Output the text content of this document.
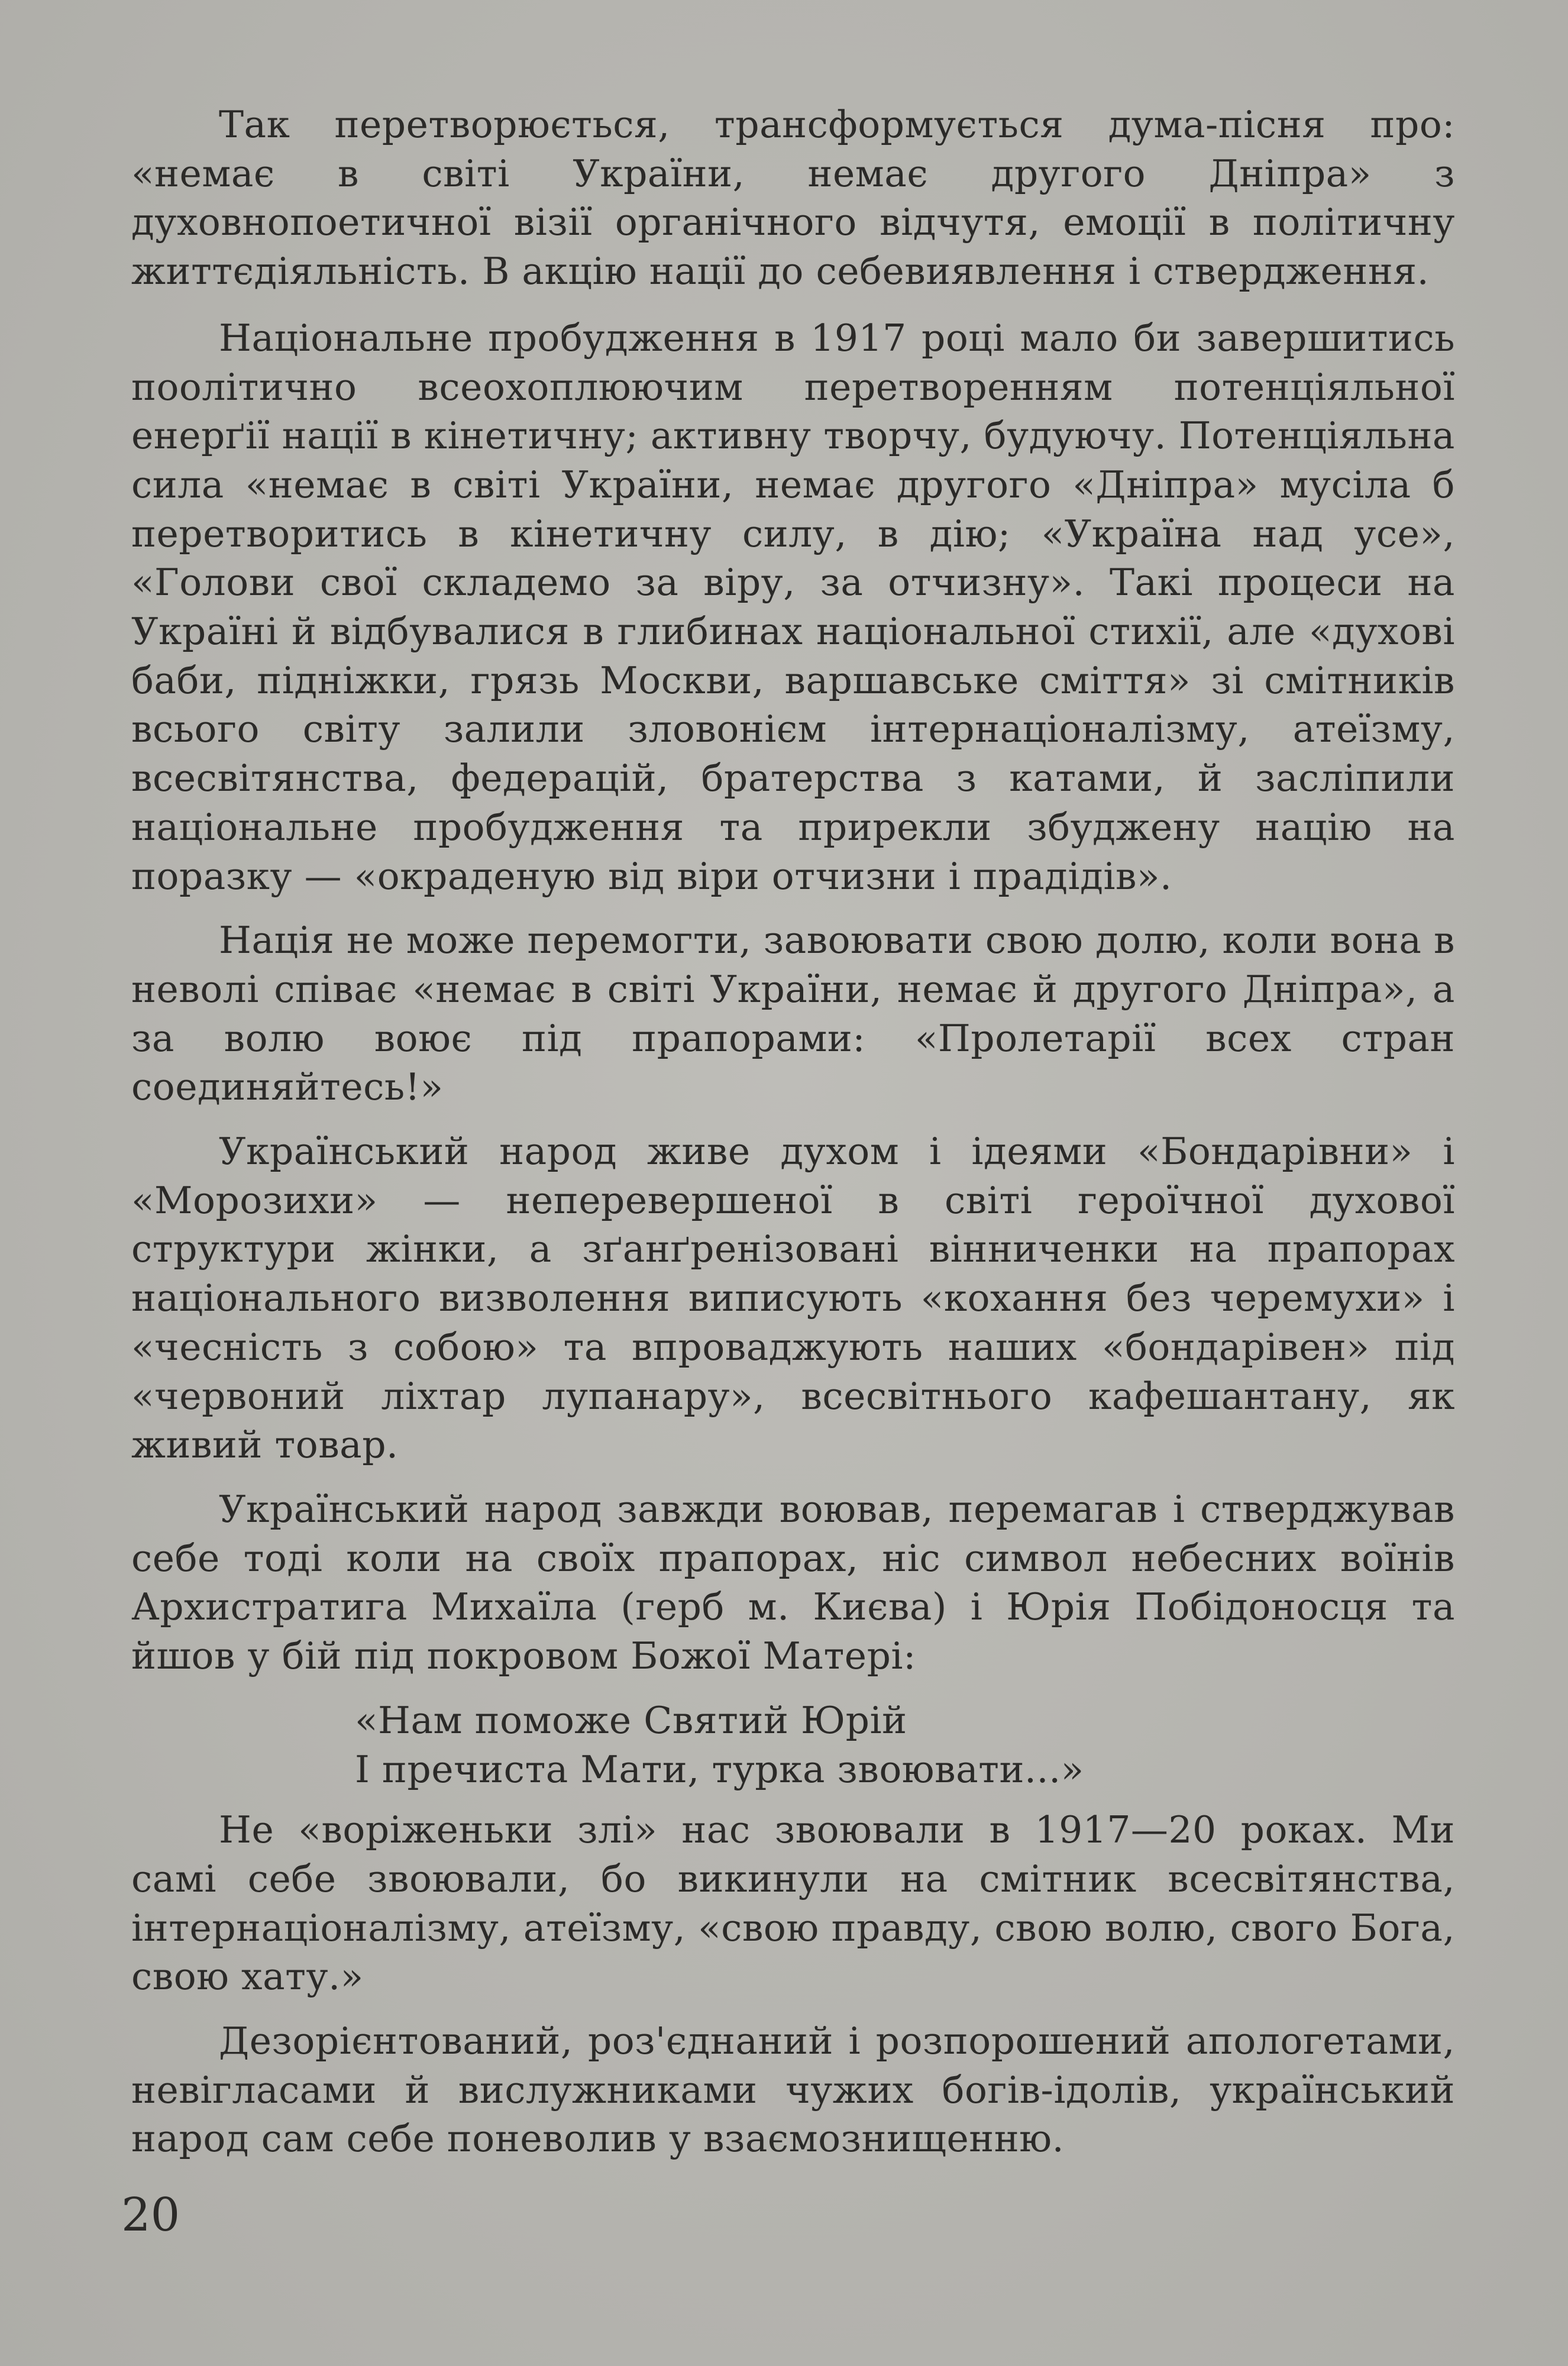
Так перетворюється, трансформується дума-пісня про: «немає в світі України, немає другого Дніпра» з духовнопоетичної візії органічного відчутя, емоції в політичну життєдіяльність. В акцію нації до себевиявлення і ствердження.

Національне пробудження в 1917 році мало би завершитись поолітично всеохоплюючим перетворенням потенціяльної енерґії нації в кінетичну; активну творчу, будуючу. Потенціяльна сила «немає в світі України, немає другого «Дніпра» мусіла б перетворитись в кінетичну силу, в дію; «Україна над усе», «Голови свої складемо за віру, за отчизну». Такі процеси на Україні й відбувалися в глибинах національної стихії, але «духові баби, підніжки, грязь Москви, варшавське сміття» зі смітників всього світу залили зловонієм інтернаціоналізму, атеїзму, всесвітянства, федерацій, братерства з катами, й засліпили національне пробудження та прирекли збуджену націю на поразку — «окраденую від віри отчизни і прадідів».

Нація не може перемогти, завоювати свою долю, коли вона в неволі співає «немає в світі України, немає й другого Дніпра», а за волю воює під прапорами: «Пролетарії всех стран соединяйтесь!»

Український народ живе духом і ідеями «Бондарівни» і «Морозихи» — неперевершеної в світі героїчної духової структури жінки, а зґанґренізовані вінниченки на прапорах національного визволення виписують «кохання без черемухи» і «чесність з собою» та впроваджують наших «бондарівен» під «червоний ліхтар лупанару», всесвітнього кафешантану, як живий товар.

Український народ завжди воював, перемагав і стверджував себе тоді коли на своїх прапорах, ніс символ небесних воїнів Архистратига Михаїла (герб м. Києва) і Юрія Побідоносця та йшов у бій під покровом Божої Матері:

«Нам поможе Святий Юрій
І пречиста Мати, турка звоювати...»

Не «воріженьки злі» нас звоювали в 1917—20 роках. Ми самі себе звоювали, бо викинули на смітник всесвітянства, інтернаціоналізму, атеїзму, «свою правду, свою волю, свого Бога, свою хату.»

Дезорієнтований, роз'єднаний і розпорошений апологетами, невігласами й вислужниками чужих богів-ідолів, український народ сам себе поневолив у взаємознищенню.

20
